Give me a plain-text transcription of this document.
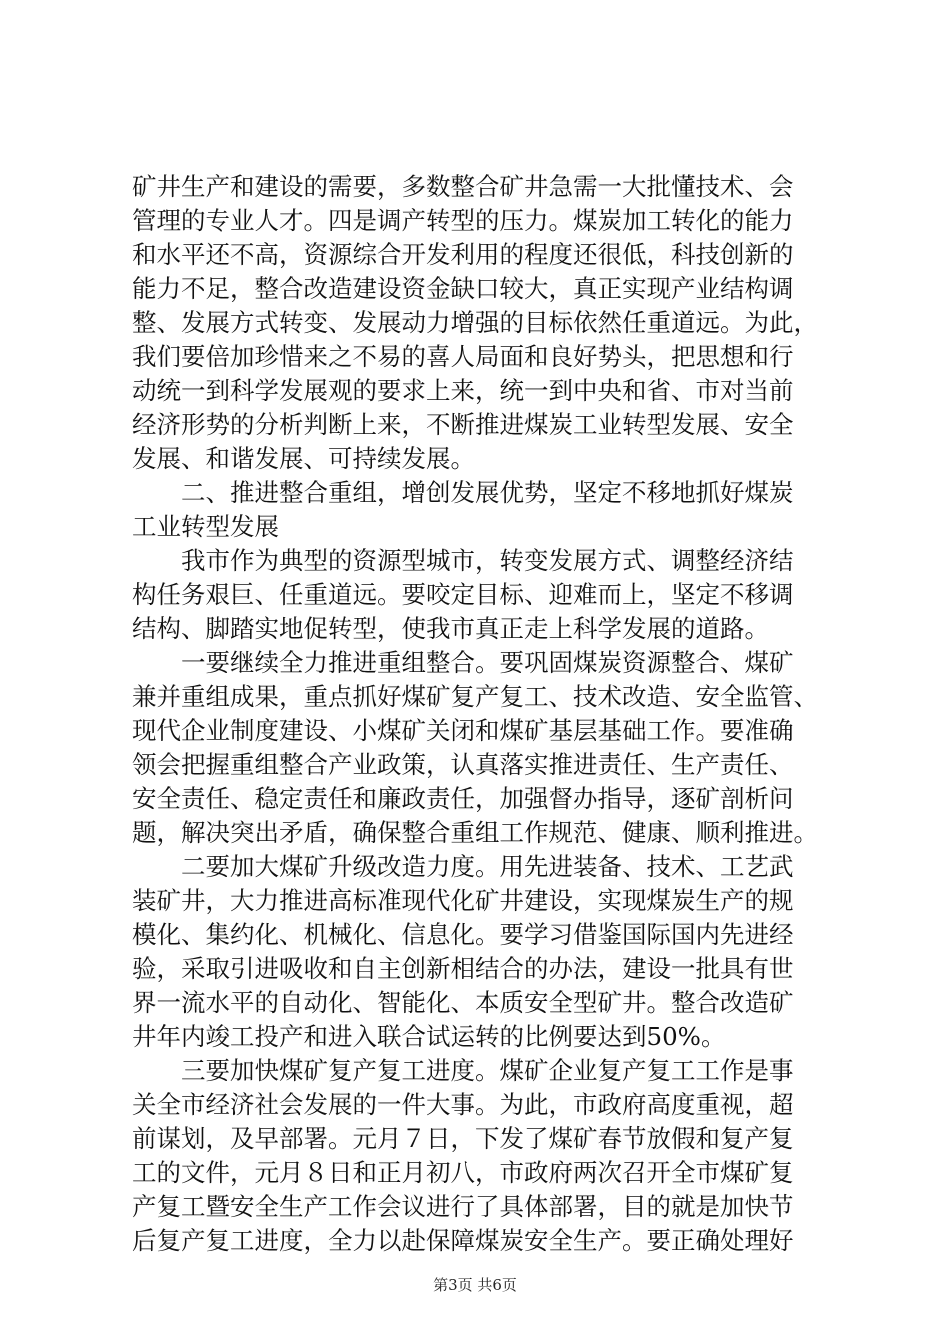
矿井生产和建设的需要，多数整合矿井急需一大批懂技术、会
管理的专业人才。四是调产转型的压力。煤炭加工转化的能力
和水平还不高，资源综合开发利用的程度还很低，科技创新的
能力不足，整合改造建设资金缺口较大，真正实现产业结构调
整、发展方式转变、发展动力增强的目标依然任重道远。为此，
我们要倍加珍惜来之不易的喜人局面和良好势头，把思想和行
动统一到科学发展观的要求上来，统一到中央和省、市对当前
经济形势的分析判断上来，不断推进煤炭工业转型发展、安全
发展、和谐发展、可持续发展。
　　二、推进整合重组，增创发展优势，坚定不移地抓好煤炭
工业转型发展
　　我市作为典型的资源型城市，转变发展方式、调整经济结
构任务艰巨、任重道远。要咬定目标、迎难而上，坚定不移调
结构、脚踏实地促转型，使我市真正走上科学发展的道路。
　　一要继续全力推进重组整合。要巩固煤炭资源整合、煤矿
兼并重组成果，重点抓好煤矿复产复工、技术改造、安全监管、
现代企业制度建设、小煤矿关闭和煤矿基层基础工作。要准确
领会把握重组整合产业政策，认真落实推进责任、生产责任、
安全责任、稳定责任和廉政责任，加强督办指导，逐矿剖析问
题，解决突出矛盾，确保整合重组工作规范、健康、顺利推进。
　　二要加大煤矿升级改造力度。用先进装备、技术、工艺武
装矿井，大力推进高标准现代化矿井建设，实现煤炭生产的规
模化、集约化、机械化、信息化。要学习借鉴国际国内先进经
验，采取引进吸收和自主创新相结合的办法，建设一批具有世
界一流水平的自动化、智能化、本质安全型矿井。整合改造矿
井年内竣工投产和进入联合试运转的比例要达到50%。
　　三要加快煤矿复产复工进度。煤矿企业复产复工工作是事
关全市经济社会发展的一件大事。为此，市政府高度重视，超
前谋划，及早部署。元月７日，下发了煤矿春节放假和复产复
工的文件，元月８日和正月初八，市政府两次召开全市煤矿复
产复工暨安全生产工作会议进行了具体部署，目的就是加快节
后复产复工进度，全力以赴保障煤炭安全生产。要正确处理好
第3页 共6页
